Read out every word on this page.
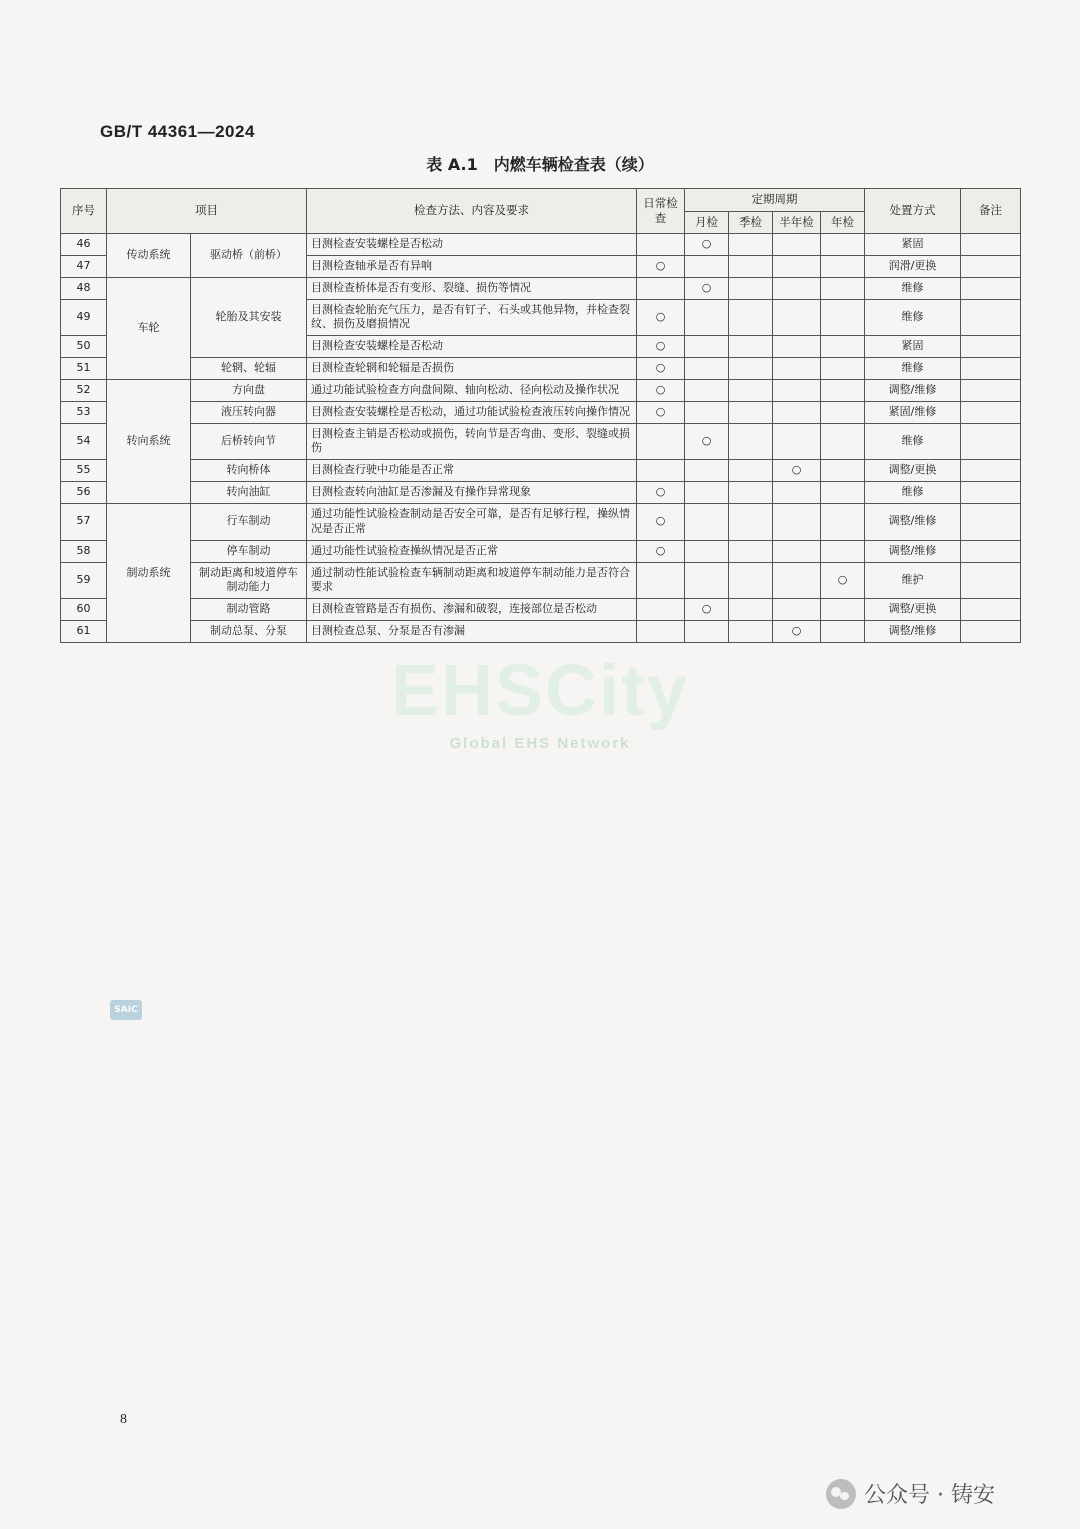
GB/T 44361—2024
表 A.1　内燃车辆检查表（续）
序号	项目		检查方法、内容及要求	日常检查	定期周期				处置方式	备注
					月检	季检	半年检	年检		
46	传动系统	驱动桥（前桥）	目测检查安装螺栓是否松动		○				紧固	
47			目测检查轴承是否有异响	○					润滑/更换	
48	车轮	轮胎及其安装	目测检查桥体是否有变形、裂缝、损伤等情况		○				维修	
49			目测检查轮胎充气压力，是否有钉子、石头或其他异物，并检查裂纹、损伤及磨损情况	○					维修	
50			目测检查安装螺栓是否松动	○					紧固	
51		轮辋、轮辐	目测检查轮辋和轮辐是否损伤	○					维修	
52	转向系统	方向盘	通过功能试验检查方向盘间隙、轴向松动、径向松动及操作状况	○					调整/维修	
53		液压转向器	目测检查安装螺栓是否松动，通过功能试验检查液压转向操作情况	○					紧固/维修	
54		后桥转向节	目测检查主销是否松动或损伤，转向节是否弯曲、变形、裂缝或损伤		○				维修	
55		转向桥体	目测检查行驶中功能是否正常				○		调整/更换	
56		转向油缸	目测检查转向油缸是否渗漏及有操作异常现象	○					维修	
57	制动系统	行车制动	通过功能性试验检查制动是否安全可靠，是否有足够行程，操纵情况是否正常	○					调整/维修	
58		停车制动	通过功能性试验检查操纵情况是否正常	○					调整/维修	
59		制动距离和坡道停车制动能力	通过制动性能试验检查车辆制动距离和坡道停车制动能力是否符合要求					○	维护	
60		制动管路	目测检查管路是否有损伤、渗漏和破裂，连接部位是否松动		○				调整/更换	
61		制动总泵、分泵	目测检查总泵、分泵是否有渗漏				○		调整/维修	
SAIC
EHSCity
Global EHS Network
8
公众号 · 铸安
